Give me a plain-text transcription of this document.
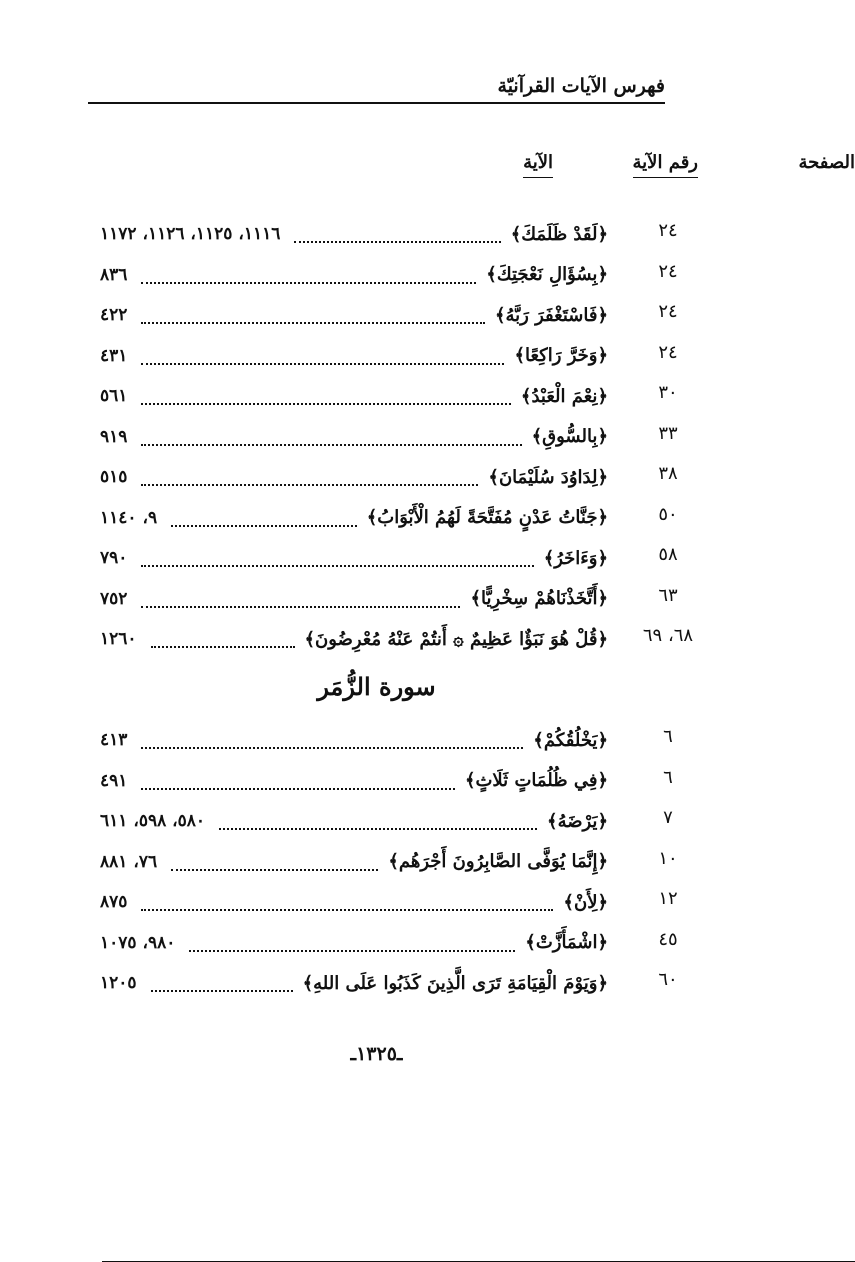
فهرس الآيات القرآنيّة
رقم الآية
الآية	الصفحة
٢٤
﴿لَقَدْ ظَلَمَكَ﴾
١١١٦، ١١٢٥، ١١٢٦، ١١٧٢
٢٤
﴿بِسُؤَالِ نَعْجَتِكَ﴾
٨٣٦
٢٤
﴿فَاسْتَغْفَرَ رَبَّهُ﴾
٤٢٢
٢٤
﴿وَخَرَّ رَاكِعًا﴾
٤٣١
٣٠
﴿نِعْمَ الْعَبْدُ﴾
٥٦١
٣٣
﴿بِالسُّوقِ﴾
٩١٩
٣٨
﴿لِدَاوُدَ سُلَيْمَانَ﴾
٥١٥
٥٠
﴿جَنَّاتُ عَدْنٍ مُفَتَّحَةً لَهُمُ الْأَبْوَابُ﴾
٩، ١١٤٠
٥٨
﴿وَءَاخَرُ﴾
٧٩٠
٦٣
﴿أَتَّخَذْنَاهُمْ سِخْرِيًّا﴾
٧٥٢
٦٨، ٦٩
﴿قُلْ هُوَ نَبَؤٌا عَظِيمٌ ۞ أَنتُمْ عَنْهُ مُعْرِضُونَ﴾
١٢٦٠
سورة الزُّمَر
٦
﴿يَخْلُقُكُمْ﴾
٤١٣
٦
﴿فِي ظُلُمَاتٍ ثَلَاثٍ﴾
٤٩١
٧
﴿يَرْضَهُ﴾
٥٨٠، ٥٩٨، ٦١١
١٠
﴿إِنَّمَا يُوَفَّى الصَّابِرُونَ أَجْرَهُم﴾
٧٦، ٨٨١
١٢
﴿لِأَنْ﴾
٨٧٥
٤٥
﴿اشْمَأَزَّتْ﴾
٩٨٠، ١٠٧٥
٦٠
﴿وَيَوْمَ الْقِيَامَةِ تَرَى الَّذِينَ كَذَبُوا عَلَى اللهِ﴾
١٢٠٥
ـ١٣٢٥ـ
